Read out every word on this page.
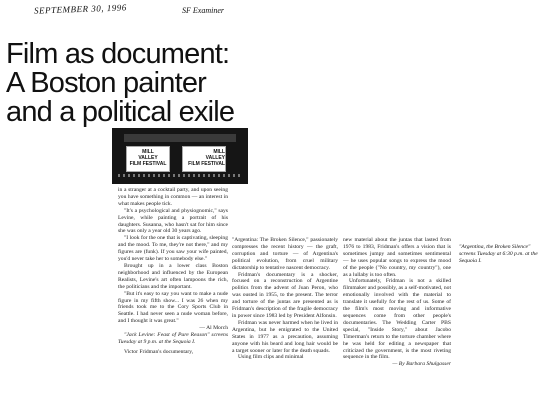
SEPTEMBER 30, 1996	SF Examiner
Film as document:
A Boston painter
and a political exile
MILL
VALLEY
FILM FESTIVAL
MILL
VALLEY
FILM FESTIVAL

in a stranger at a cocktail party, and upon seeing you have something in common — an interest in what makes people tick.

"It's a psychological and physiognomic," says Levine, while painting a portrait of his daughters. Susanna, who hasn't sat for him since she was only a year old 30 years ago.

"I look for the one that is captivating, sleeping and the mood. To me, they're not there," and my figures are (funk). If you saw your wife painted, you'd never take her to somebody else."

Brought up in a lower class Boston neighborhood and influenced by the European Realists, Levine's art often lampoons the rich, the politicians and the important.

"But it's easy to say you want to make a nude figure in my fifth show... I was 26 when my friends took me to the Cory Sports Club in Seattle. I had never seen a nude woman before, and I thought it was great."

— Al Morch

"Jack Levine: Feast of Pure Reason" screens Tuesday at 9 p.m. at the Sequoia I.

Victor Fridman's documentary,

"Argentina: The Broken Silence," passionately compresses the recent history — the graft, corruption and torture — of Argentina's political evolution, from cruel military dictatorship to tentative nascent democracy.

Fridman's documentary is a shocker, focused on a reconstruction of Argentine politics from the advent of Juan Peron, who was ousted in 1955, to the present. The terror and torture of the juntas are presented as is Fridman's description of the fragile democracy in power since 1983 led by President Alfonsin.

Fridman was never harmed when he lived in Argentina, but he emigrated to the United States in 1977 as a precaution, assuming anyone with his beard and long hair would be a target sooner or later for the death squads.

Using film clips and minimal

new material about the juntas that lasted from 1976 to 1983, Fridman's offers a vision that is sometimes jumpy and sometimes sentimental — he uses popular songs to express the mood of the people ("No country, my country"), one as a lullaby is too often.

Unfortunately, Fridman is not a skilled filmmaker and possibly, as a self-motivated, not emotionally involved with the material to translate it usefully for the rest of us. Some of the film's most moving and informative sequences come from other people's documentaries. The Wedding Carter PBS special, "Inside Story," about Jacobo Timerman's return to the torture chamber where he was held for editing a newspaper that criticized the government, is the most riveting sequence in the film.

— By Barbara Shulgasser

"Argentina, the Broken Silence" screens Tuesday at 6:30 p.m. at the Sequoia I.
